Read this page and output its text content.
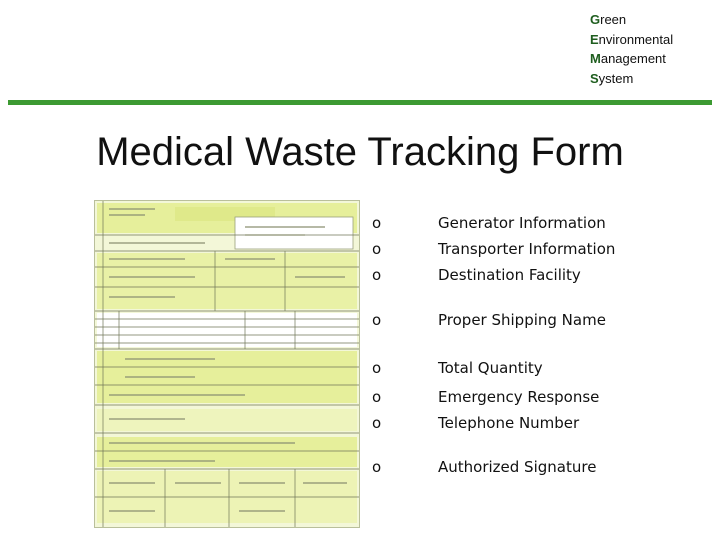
Green
Environmental
Management
System
Medical Waste Tracking Form
o	Generator Information
o	Transporter Information
o	Destination Facility
o	Proper Shipping Name
o	Total Quantity
o	Emergency Response
o	Telephone Number
o	Authorized Signature
